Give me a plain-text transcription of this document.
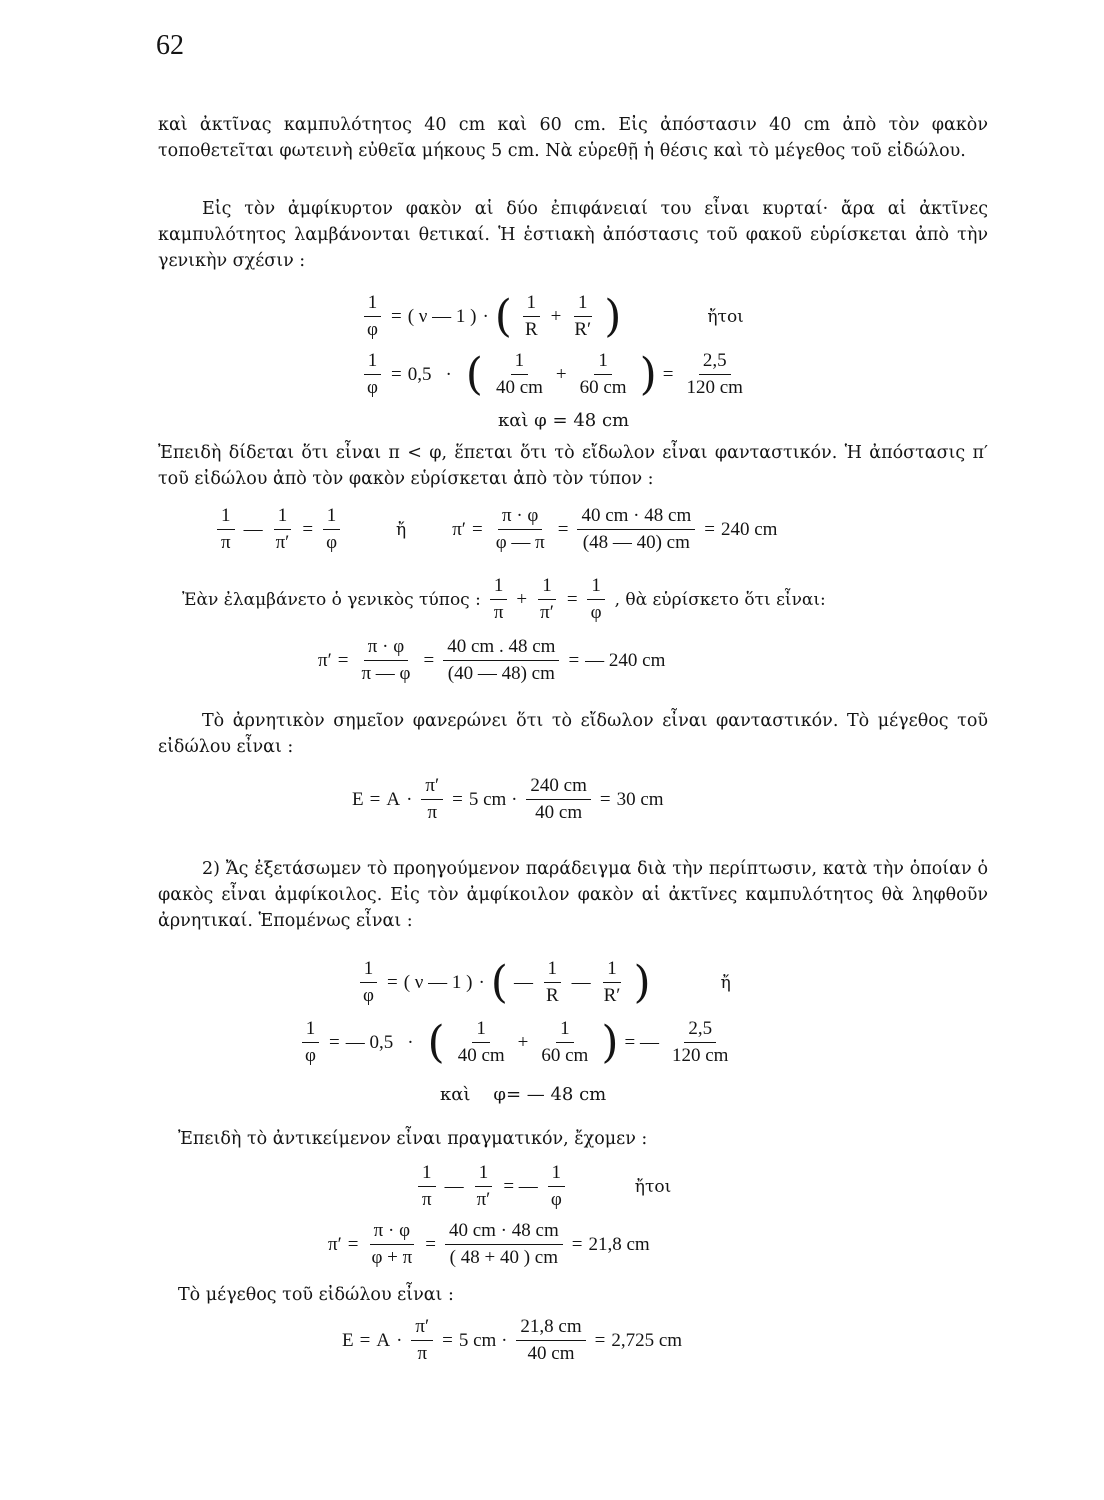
62

καὶ ἀκτῖνας καμπυλότητος 40 cm καὶ 60 cm. Εἰς ἀπόστασιν 40 cm ἀπὸ τὸν φακὸν τοποθετεῖται φωτεινὴ εὐθεῖα μήκους 5 cm. Νὰ εὑρεθῇ ἡ θέσις καὶ τὸ μέγεθος τοῦ εἰδώλου.

Εἰς τὸν ἀμφίκυρτον φακὸν αἱ δύο ἐπιφάνειαί του εἶναι κυρταί· ἄρα αἱ ἀκτῖνες καμπυλότητος λαμβάνονται θετικαί. Ἡ ἑστιακὴ ἀπόστασις τοῦ φακοῦ εὑρίσκεται ἀπὸ τὴν γενικὴν σχέσιν :

$\frac{1}{\varphi}$ = ( ν — 1 ) · ( $\frac{1}{R} + \frac{1}{R'}$ )	ἤτοι
$\frac{1}{\varphi} = 0,5$ · ( $\frac{1}{40 cm} + \frac{1}{60 cm}$ ) = $\frac{2,5}{120 cm}$
καὶ φ = 48 cm

Ἐπειδὴ δίδεται ὅτι εἶναι π < φ, ἕπεται ὅτι τὸ εἴδωλον εἶναι φανταστικόν. Ἡ ἀπόστασις π′ τοῦ εἰδώλου ἀπὸ τὸν φακὸν εὑρίσκεται ἀπὸ τὸν τύπον :

$\frac{1}{\pi}$ — $\frac{1}{\pi'} = \frac{1}{\varphi}$	ἤ $\pi' = \frac{\pi \cdot \varphi}{\varphi — \pi} = \frac{40 cm \cdot 48 cm}{(48 — 40) cm} = 240$ cm
Ἐὰν ἐλαμβάνετο ὁ γενικὸς τύπος : $\frac{1}{\pi} + \frac{1}{\pi'} = \frac{1}{\varphi}$ , θὰ εὑρίσκετο ὅτι εἶναι:
$\pi' = \frac{\pi \cdot \varphi}{\pi — \varphi} = \frac{40 cm . 48 cm}{(40 — 48) cm}$ = — 240 cm

Τὸ ἀρνητικὸν σημεῖον φανερώνει ὅτι τὸ εἴδωλον εἶναι φανταστικόν. Τὸ μέγεθος τοῦ εἰδώλου εἶναι :

$E = A \cdot \frac{\pi'}{\pi} = 5$ cm · $\frac{240 cm}{40 cm} = 30$ cm

2) Ἄς ἐξετάσωμεν τὸ προηγούμενον παράδειγμα διὰ τὴν περίπτωσιν, κατὰ τὴν ὁποίαν ὁ φακὸς εἶναι ἀμφίκοιλος. Εἰς τὸν ἀμφίκοιλον φακὸν αἱ ἀκτῖνες καμπυλότητος θὰ ληφθοῦν ἀρνητικαί. Ἑπομένως εἶναι :

$\frac{1}{\varphi}$ = ( ν — 1 ) · ( — $\frac{1}{R}$ — $\frac{1}{R'}$ )	ἤ
$\frac{1}{\varphi}$ = — 0,5 · ( $\frac{1}{40 cm} + \frac{1}{60 cm}$ ) = — $\frac{2,5}{120 cm}$
καὶ    φ= — 48 cm

Ἐπειδὴ τὸ ἀντικείμενον εἶναι πραγματικόν, ἔχομεν :

$\frac{1}{\pi}$ — $\frac{1}{\pi'}$ = — $\frac{1}{\varphi}$	ἤτοι
$\pi' = \frac{\pi \cdot \varphi}{\varphi + \pi} = \frac{40 cm \cdot 48 cm}{( 48 + 40 ) cm} = 21,8$ cm

Τὸ μέγεθος τοῦ εἰδώλου εἶναι :

$E = A \cdot \frac{\pi'}{\pi} = 5$ cm · $\frac{21,8 cm}{40 cm} = 2,725$ cm
